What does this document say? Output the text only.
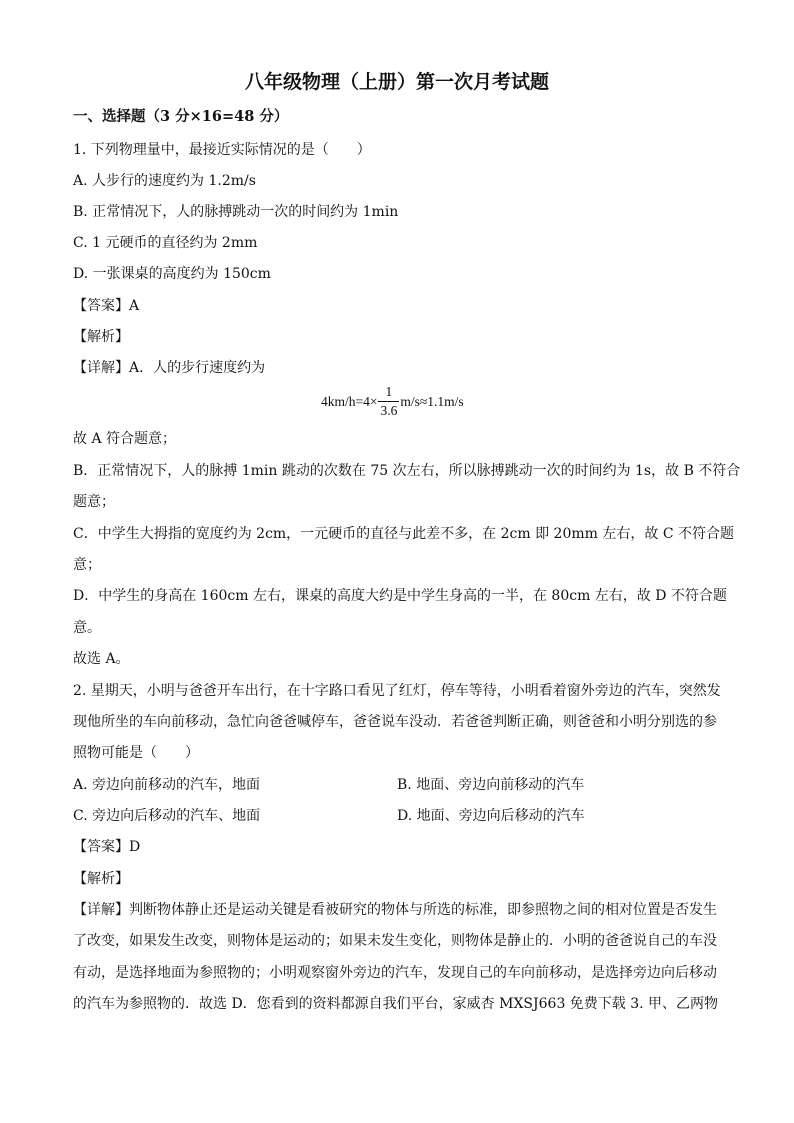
八年级物理（上册）第一次月考试题
一、选择题（3 分×16=48 分）
1. 下列物理量中，最接近实际情况的是（　　）
A. 人步行的速度约为 1.2m/s
B. 正常情况下，人的脉搏跳动一次的时间约为 1min
C. 1 元硬币的直径约为 2mm
D. 一张课桌的高度约为 150cm
【答案】A
【解析】
【详解】A．人的步行速度约为
$4km/h=4\times \frac{1}{3.6} m/s\approx 1.1m/s$
故 A 符合题意；
B．正常情况下，人的脉搏 1min 跳动的次数在 75 次左右，所以脉搏跳动一次的时间约为 1s，故 B 不符合
题意；
C．中学生大拇指的宽度约为 2cm，一元硬币的直径与此差不多，在 2cm 即 20mm 左右，故 C 不符合题
意；
D．中学生的身高在 160cm 左右，课桌的高度大约是中学生身高的一半，在 80cm 左右，故 D 不符合题
意。
故选 A。
2. 星期天，小明与爸爸开车出行，在十字路口看见了红灯，停车等待，小明看着窗外旁边的汽车，突然发
现他所坐的车向前移动，急忙向爸爸喊停车，爸爸说车没动．若爸爸判断正确，则爸爸和小明分别选的参
照物可能是（　　）
A. 旁边向前移动的汽车，地面	B. 地面、旁边向前移动的汽车
C. 旁边向后移动的汽车、地面	D. 地面、旁边向后移动的汽车
【答案】D
【解析】
【详解】判断物体静止还是运动关键是看被研究的物体与所选的标准，即参照物之间的相对位置是否发生
了改变，如果发生改变，则物体是运动的；如果未发生变化，则物体是静止的．小明的爸爸说自己的车没
有动，是选择地面为参照物的；小明观察窗外旁边的汽车，发现自己的车向前移动，是选择旁边向后移动
的汽车为参照物的．故选 D．您看到的资料都源自我们平台，家威杏 MXSJ663 免费下载 3. 甲、乙两物
